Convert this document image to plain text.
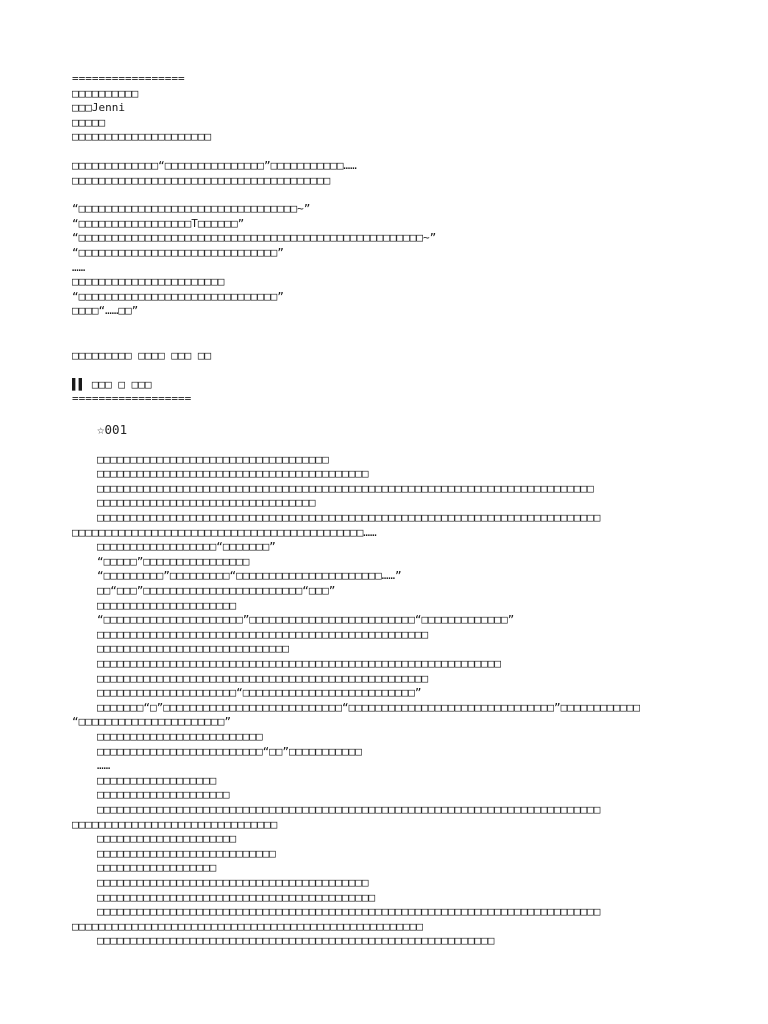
=================
□□□□□□□□□□
□□□Jenni
□□□□□
□□□□□□□□□□□□□□□□□□□□□
□□□□□□□□□□□□□“□□□□□□□□□□□□□□□”□□□□□□□□□□□……
□□□□□□□□□□□□□□□□□□□□□□□□□□□□□□□□□□□□□□□
“□□□□□□□□□□□□□□□□□□□□□□□□□□□□□□□□□~”
“□□□□□□□□□□□□□□□□□T□□□□□□”
“□□□□□□□□□□□□□□□□□□□□□□□□□□□□□□□□□□□□□□□□□□□□□□□□□□□□~”
“□□□□□□□□□□□□□□□□□□□□□□□□□□□□□□”
……
□□□□□□□□□□□□□□□□□□□□□□□
“□□□□□□□□□□□□□□□□□□□□□□□□□□□□□□”
□□□□“……□□”
□□□□□□□□□ □□□□ □□□ □□
▌▌ □□□ □ □□□
==================
☆001
□□□□□□□□□□□□□□□□□□□□□□□□□□□□□□□□□□□
□□□□□□□□□□□□□□□□□□□□□□□□□□□□□□□□□□□□□□□□□
□□□□□□□□□□□□□□□□□□□□□□□□□□□□□□□□□□□□□□□□□□□□□□□□□□□□□□□□□□□□□□□□□□□□□□□□□□□
□□□□□□□□□□□□□□□□□□□□□□□□□□□□□□□□□
□□□□□□□□□□□□□□□□□□□□□□□□□□□□□□□□□□□□□□□□□□□□□□□□□□□□□□□□□□□□□□□□□□□□□□□□□□□□
□□□□□□□□□□□□□□□□□□□□□□□□□□□□□□□□□□□□□□□□□□□□……
□□□□□□□□□□□□□□□□□□“□□□□□□□”
“□□□□□”□□□□□□□□□□□□□□□□
“□□□□□□□□□”□□□□□□□□□“□□□□□□□□□□□□□□□□□□□□□□……”
□□“□□□”□□□□□□□□□□□□□□□□□□□□□□□□“□□□”
□□□□□□□□□□□□□□□□□□□□□
“□□□□□□□□□□□□□□□□□□□□□”□□□□□□□□□□□□□□□□□□□□□□□□□“□□□□□□□□□□□□□”
□□□□□□□□□□□□□□□□□□□□□□□□□□□□□□□□□□□□□□□□□□□□□□□□□□
□□□□□□□□□□□□□□□□□□□□□□□□□□□□□
□□□□□□□□□□□□□□□□□□□□□□□□□□□□□□□□□□□□□□□□□□□□□□□□□□□□□□□□□□□□□
□□□□□□□□□□□□□□□□□□□□□□□□□□□□□□□□□□□□□□□□□□□□□□□□□□
□□□□□□□□□□□□□□□□□□□□□“□□□□□□□□□□□□□□□□□□□□□□□□□□”
□□□□□□□“□”□□□□□□□□□□□□□□□□□□□□□□□□□□□“□□□□□□□□□□□□□□□□□□□□□□□□□□□□□□□”□□□□□□□□□□□□
“□□□□□□□□□□□□□□□□□□□□□□”
□□□□□□□□□□□□□□□□□□□□□□□□□
□□□□□□□□□□□□□□□□□□□□□□□□□“□□”□□□□□□□□□□□
……
□□□□□□□□□□□□□□□□□□
□□□□□□□□□□□□□□□□□□□□
□□□□□□□□□□□□□□□□□□□□□□□□□□□□□□□□□□□□□□□□□□□□□□□□□□□□□□□□□□□□□□□□□□□□□□□□□□□□
□□□□□□□□□□□□□□□□□□□□□□□□□□□□□□□
□□□□□□□□□□□□□□□□□□□□□
□□□□□□□□□□□□□□□□□□□□□□□□□□□
□□□□□□□□□□□□□□□□□□
□□□□□□□□□□□□□□□□□□□□□□□□□□□□□□□□□□□□□□□□□
□□□□□□□□□□□□□□□□□□□□□□□□□□□□□□□□□□□□□□□□□□
□□□□□□□□□□□□□□□□□□□□□□□□□□□□□□□□□□□□□□□□□□□□□□□□□□□□□□□□□□□□□□□□□□□□□□□□□□□□
□□□□□□□□□□□□□□□□□□□□□□□□□□□□□□□□□□□□□□□□□□□□□□□□□□□□□
□□□□□□□□□□□□□□□□□□□□□□□□□□□□□□□□□□□□□□□□□□□□□□□□□□□□□□□□□□□□
